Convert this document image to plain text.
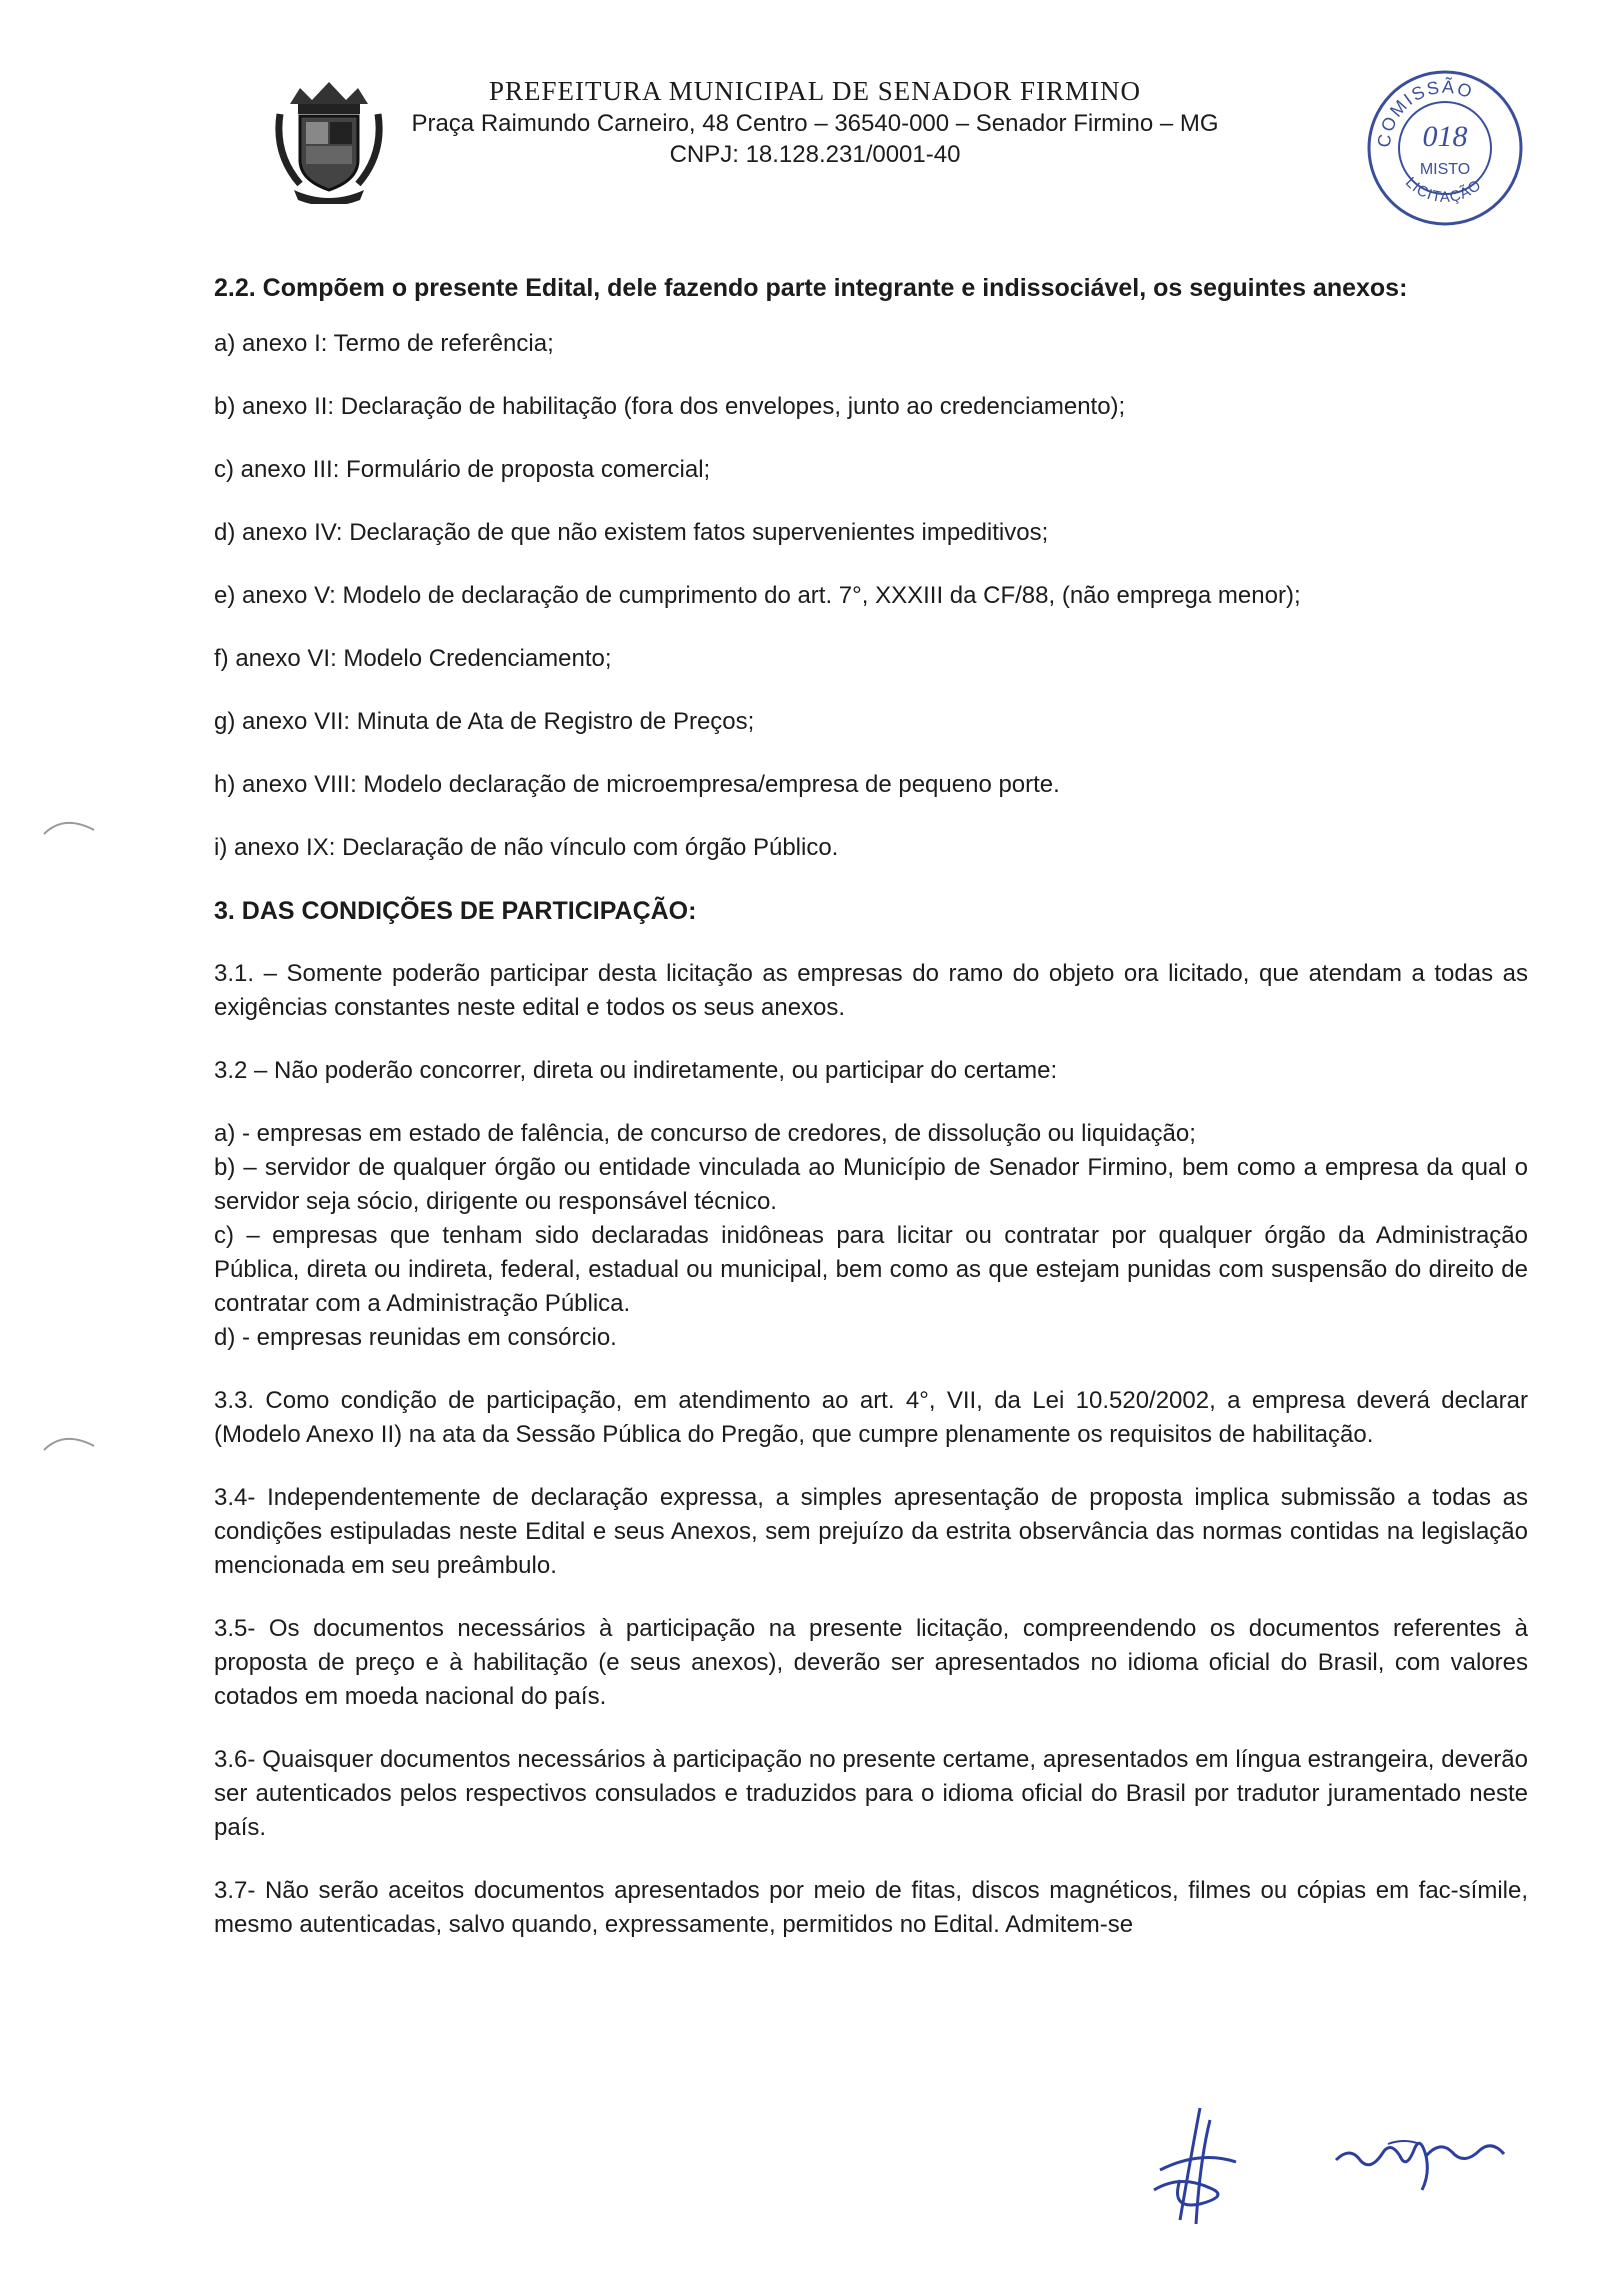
PREFEITURA MUNICIPAL DE SENADOR FIRMINO
Praça Raimundo Carneiro, 48 Centro – 36540-000 – Senador Firmino – MG
CNPJ: 18.128.231/0001-40
COMISSÃO
018
MISTO
LICITAÇÃO

2.2. Compõem o presente Edital, dele fazendo parte integrante e indissociável, os seguintes anexos:

a) anexo I: Termo de referência;

b) anexo II: Declaração de habilitação (fora dos envelopes, junto ao credenciamento);

c) anexo III: Formulário de proposta comercial;

d) anexo IV: Declaração de que não existem fatos supervenientes impeditivos;

e) anexo V: Modelo de declaração de cumprimento do art. 7°, XXXIII da CF/88, (não emprega menor);

f) anexo VI: Modelo Credenciamento;

g) anexo VII: Minuta de Ata de Registro de Preços;

h) anexo VIII: Modelo declaração de microempresa/empresa de pequeno porte.

i) anexo IX: Declaração de não vínculo com órgão Público.

3. DAS CONDIÇÕES DE PARTICIPAÇÃO:

3.1. – Somente poderão participar desta licitação as empresas do ramo do objeto ora licitado, que atendam a todas as exigências constantes neste edital e todos os seus anexos.

3.2 – Não poderão concorrer, direta ou indiretamente, ou participar do certame:

a) - empresas em estado de falência, de concurso de credores, de dissolução ou liquidação;

b) – servidor de qualquer órgão ou entidade vinculada ao Município de Senador Firmino, bem como a empresa da qual o servidor seja sócio, dirigente ou responsável técnico.

c) – empresas que tenham sido declaradas inidôneas para licitar ou contratar por qualquer órgão da Administração Pública, direta ou indireta, federal, estadual ou municipal, bem como as que estejam punidas com suspensão do direito de contratar com a Administração Pública.

d) - empresas reunidas em consórcio.

3.3. Como condição de participação, em atendimento ao art. 4°, VII, da Lei 10.520/2002, a empresa deverá declarar (Modelo Anexo II) na ata da Sessão Pública do Pregão, que cumpre plenamente os requisitos de habilitação.

3.4- Independentemente de declaração expressa, a simples apresentação de proposta implica submissão a todas as condições estipuladas neste Edital e seus Anexos, sem prejuízo da estrita observância das normas contidas na legislação mencionada em seu preâmbulo.

3.5- Os documentos necessários à participação na presente licitação, compreendendo os documentos referentes à proposta de preço e à habilitação (e seus anexos), deverão ser apresentados no idioma oficial do Brasil, com valores cotados em moeda nacional do país.

3.6- Quaisquer documentos necessários à participação no presente certame, apresentados em língua estrangeira, deverão ser autenticados pelos respectivos consulados e traduzidos para o idioma oficial do Brasil por tradutor juramentado neste país.

3.7- Não serão aceitos documentos apresentados por meio de fitas, discos magnéticos, filmes ou cópias em fac-símile, mesmo autenticadas, salvo quando, expressamente, permitidos no Edital. Admitem-se
